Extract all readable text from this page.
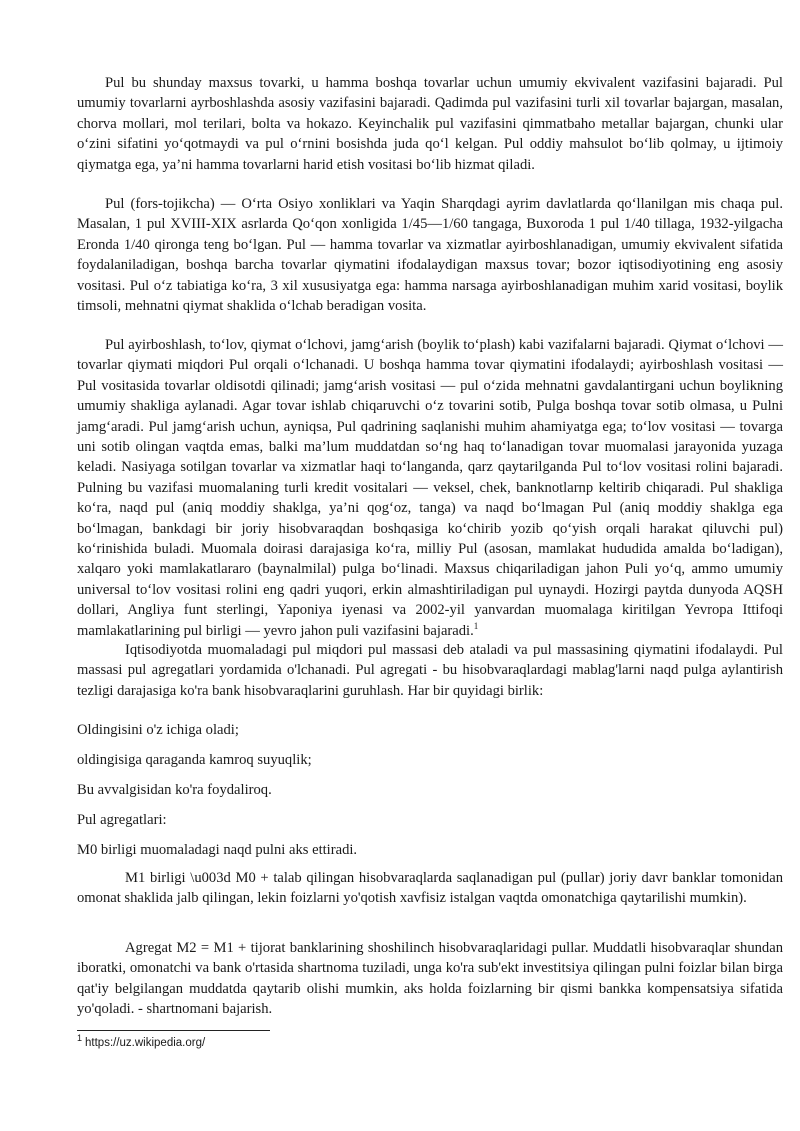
Pul bu shunday maxsus tovarki, u hamma boshqa tovarlar uchun umumiy ekvivalent vazifasini bajaradi. Pul umumiy tovarlarni ayrboshlashda asosiy vazifasini bajaradi. Qadimda pul vazifasini turli xil tovarlar bajargan, masalan, chorva mollari, mol terilari, bolta va hokazo. Keyinchalik pul vazifasini qimmatbaho metallar bajargan, chunki ular o‘zini sifatini yo‘qotmaydi va pul o‘rnini bosishda juda qo‘l kelgan. Pul oddiy mahsulot bo‘lib qolmay, u ijtimoiy qiymatga ega, ya’ni hamma tovarlarni harid etish vositasi bo‘lib hizmat qiladi.

Pul (fors-tojikcha) — O‘rta Osiyo xonliklari va Yaqin Sharqdagi ayrim davlatlarda qo‘llanilgan mis chaqa pul. Masalan, 1 pul XVIII-XIX asrlarda Qo‘qon xonligida 1/45—1/60 tangaga, Buxoroda 1 pul 1/40 tillaga, 1932-yilgacha Eronda 1/40 qironga teng bo‘lgan. Pul — hamma tovarlar va xizmatlar ayirboshlanadigan, umumiy ekvivalent sifatida foydalaniladigan, boshqa barcha tovarlar qiymatini ifodalaydigan maxsus tovar; bozor iqtisodiyotining eng asosiy vositasi. Pul o‘z tabiatiga ko‘ra, 3 xil xususiyatga ega: hamma narsaga ayirboshlanadigan muhim xarid vositasi, boylik timsoli, mehnatni qiymat shaklida o‘lchab beradigan vosita.

Pul ayirboshlash, to‘lov, qiymat o‘lchovi, jamg‘arish (boylik to‘plash) kabi vazifalarni bajaradi. Qiymat o‘lchovi — tovarlar qiymati miqdori Pul orqali o‘lchanadi. U boshqa hamma tovar qiymatini ifodalaydi; ayirboshlash vositasi — Pul vositasida tovarlar oldisotdi qilinadi; jamg‘arish vositasi — pul o‘zida mehnatni gavdalantirgani uchun boylikning umumiy shakliga aylanadi. Agar tovar ishlab chiqaruvchi o‘z tovarini sotib, Pulga boshqa tovar sotib olmasa, u Pulni jamg‘aradi. Pul jamg‘arish uchun, ayniqsa, Pul qadrining saqlanishi muhim ahamiyatga ega; to‘lov vositasi — tovarga uni sotib olingan vaqtda emas, balki ma’lum muddatdan so‘ng haq to‘lanadigan tovar muomalasi jarayonida yuzaga keladi. Nasiyaga sotilgan tovarlar va xizmatlar haqi to‘langanda, qarz qaytarilganda Pul to‘lov vositasi rolini bajaradi. Pulning bu vazifasi muomalaning turli kredit vositalari — veksel, chek, banknotlarnp keltirib chiqaradi. Pul shakliga ko‘ra, naqd pul (aniq moddiy shaklga, ya’ni qog‘oz, tanga) va naqd bo‘lmagan Pul (aniq moddiy shaklga ega bo‘lmagan, bankdagi bir joriy hisobvaraqdan boshqasiga ko‘chirib yozib qo‘yish orqali harakat qiluvchi pul) ko‘rinishida buladi. Muomala doirasi darajasiga ko‘ra, milliy Pul (asosan, mamlakat hududida amalda bo‘ladigan), xalqaro yoki mamlakatlararo (baynalmilal) pulga bo‘linadi. Maxsus chiqariladigan jahon Puli yo‘q, ammo umumiy universal to‘lov vositasi rolini eng qadri yuqori, erkin almashtiriladigan pul uynaydi. Hozirgi paytda dunyoda AQSH dollari, Angliya funt sterlingi, Yaponiya iyenasi va 2002-yil yanvardan muomalaga kiritilgan Yevropa Ittifoqi mamlakatlarining pul birligi — yevro jahon puli vazifasini bajaradi.$^1$

Iqtisodiyotda muomaladagi pul miqdori pul massasi deb ataladi va pul massasining qiymatini ifodalaydi. Pul massasi pul agregatlari yordamida o'lchanadi. Pul agregati - bu hisobvaraqlardagi mablag'larni naqd pulga aylantirish tezligi darajasiga ko'ra bank hisobvaraqlarini guruhlash. Har bir quyidagi birlik:

Oldingisini o'z ichiga oladi;
oldingisiga qaraganda kamroq suyuqlik;
Bu avvalgisidan ko'ra foydaliroq.
Pul agregatlari:
M0 birligi muomaladagi naqd pulni aks ettiradi.

M1 birligi \u003d M0 + talab qilingan hisobvaraqlarda saqlanadigan pul (pullar) joriy davr banklar tomonidan omonat shaklida jalb qilingan, lekin foizlarni yo'qotish xavfisiz istalgan vaqtda omonatchiga qaytarilishi mumkin).

Agregat M2 = M1 + tijorat banklarining shoshilinch hisobvaraqlaridagi pullar. Muddatli hisobvaraqlar shundan iboratki, omonatchi va bank o'rtasida shartnoma tuziladi, unga ko'ra sub'ekt investitsiya qilingan pulni foizlar bilan birga qat'iy belgilangan muddatda qaytarib olishi mumkin, aks holda foizlarning bir qismi bankka kompensatsiya sifatida yo'qoladi. - shartnomani bajarish.

$^1$ https://uz.wikipedia.org/
